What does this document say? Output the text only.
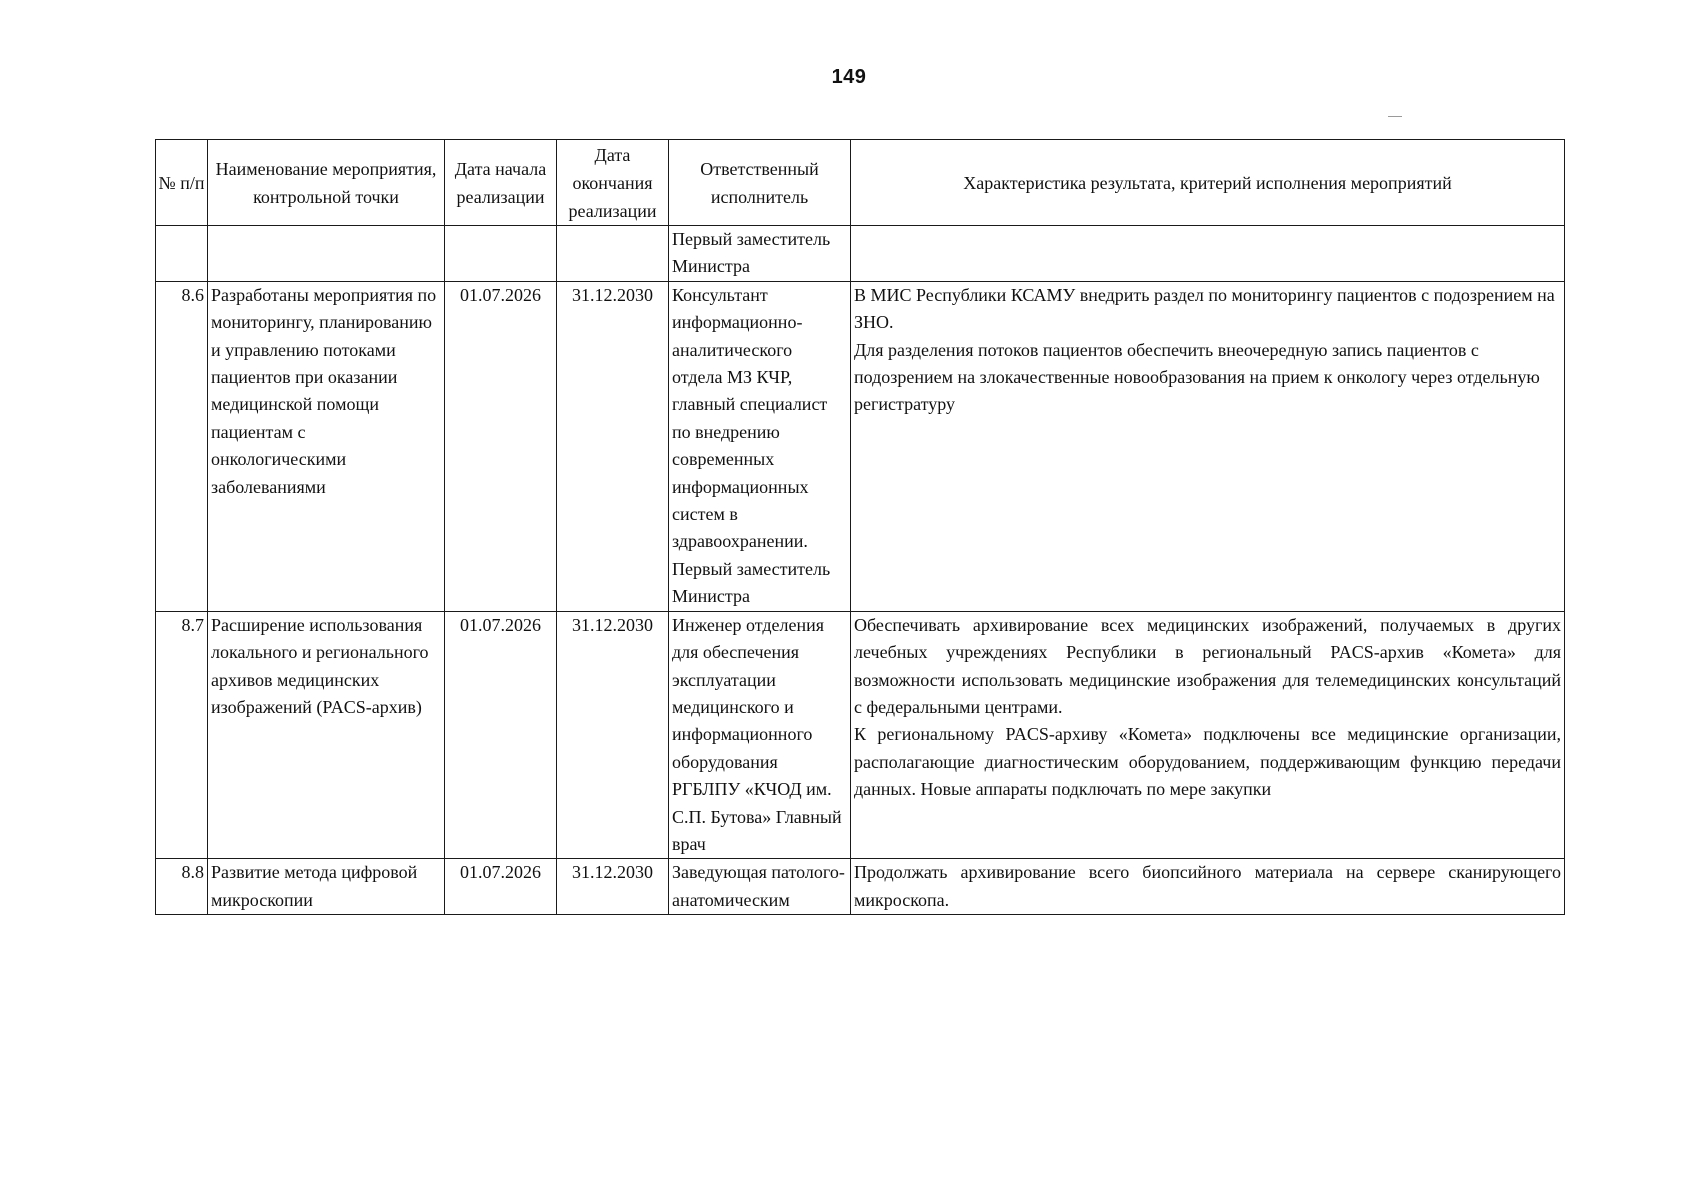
149
№ п/п	Наименование мероприятия, контрольной точки	Дата начала реализации	Дата окончания реализации	Ответственный исполнитель	Характеристика результата, критерий исполнения мероприятий
				Первый заместитель Министра	
8.6	Разработаны мероприятия по мониторингу, планированию и управлению потоками пациентов при оказании медицинской помощи пациентам с онкологическими заболеваниями	01.07.2026	31.12.2030	Консультант информационно-аналитического отдела МЗ КЧР, главный специалист по внедрению современных информационных систем в здравоохранении. Первый заместитель Министра	В МИС Республики КСАМУ внедрить раздел по мониторингу пациентов с подозрением на ЗНО.
Для разделения потоков пациентов обеспечить внеочередную запись пациентов с подозрением на злокачественные новообразования на прием к онкологу через отдельную регистратуру

8.7	Расширение использования локального и регионального архивов медицинских изображений (PACS-архив)	01.07.2026	31.12.2030	Инженер отделения для обеспечения эксплуатации медицинского и информационного оборудования РГБЛПУ «КЧОД им. С.П. Бутова» Главный врач	Обеспечивать архивирование всех медицинских изображений, получаемых в других лечебных учреждениях Республики в региональный PACS-архив «Комета» для возможности использовать медицинские изображения для телемедицинских консультаций с федеральными центрами.
К региональному PACS-архиву «Комета» подключены все медицинские организации, располагающие диагностическим оборудованием, поддерживающим функцию передачи данных. Новые аппараты подключать по мере закупки

8.8	Развитие метода цифровой микроскопии	01.07.2026	31.12.2030	Заведующая патолого-анатомическим	Продолжать архивирование всего биопсийного материала на сервере сканирующего микроскопа.
